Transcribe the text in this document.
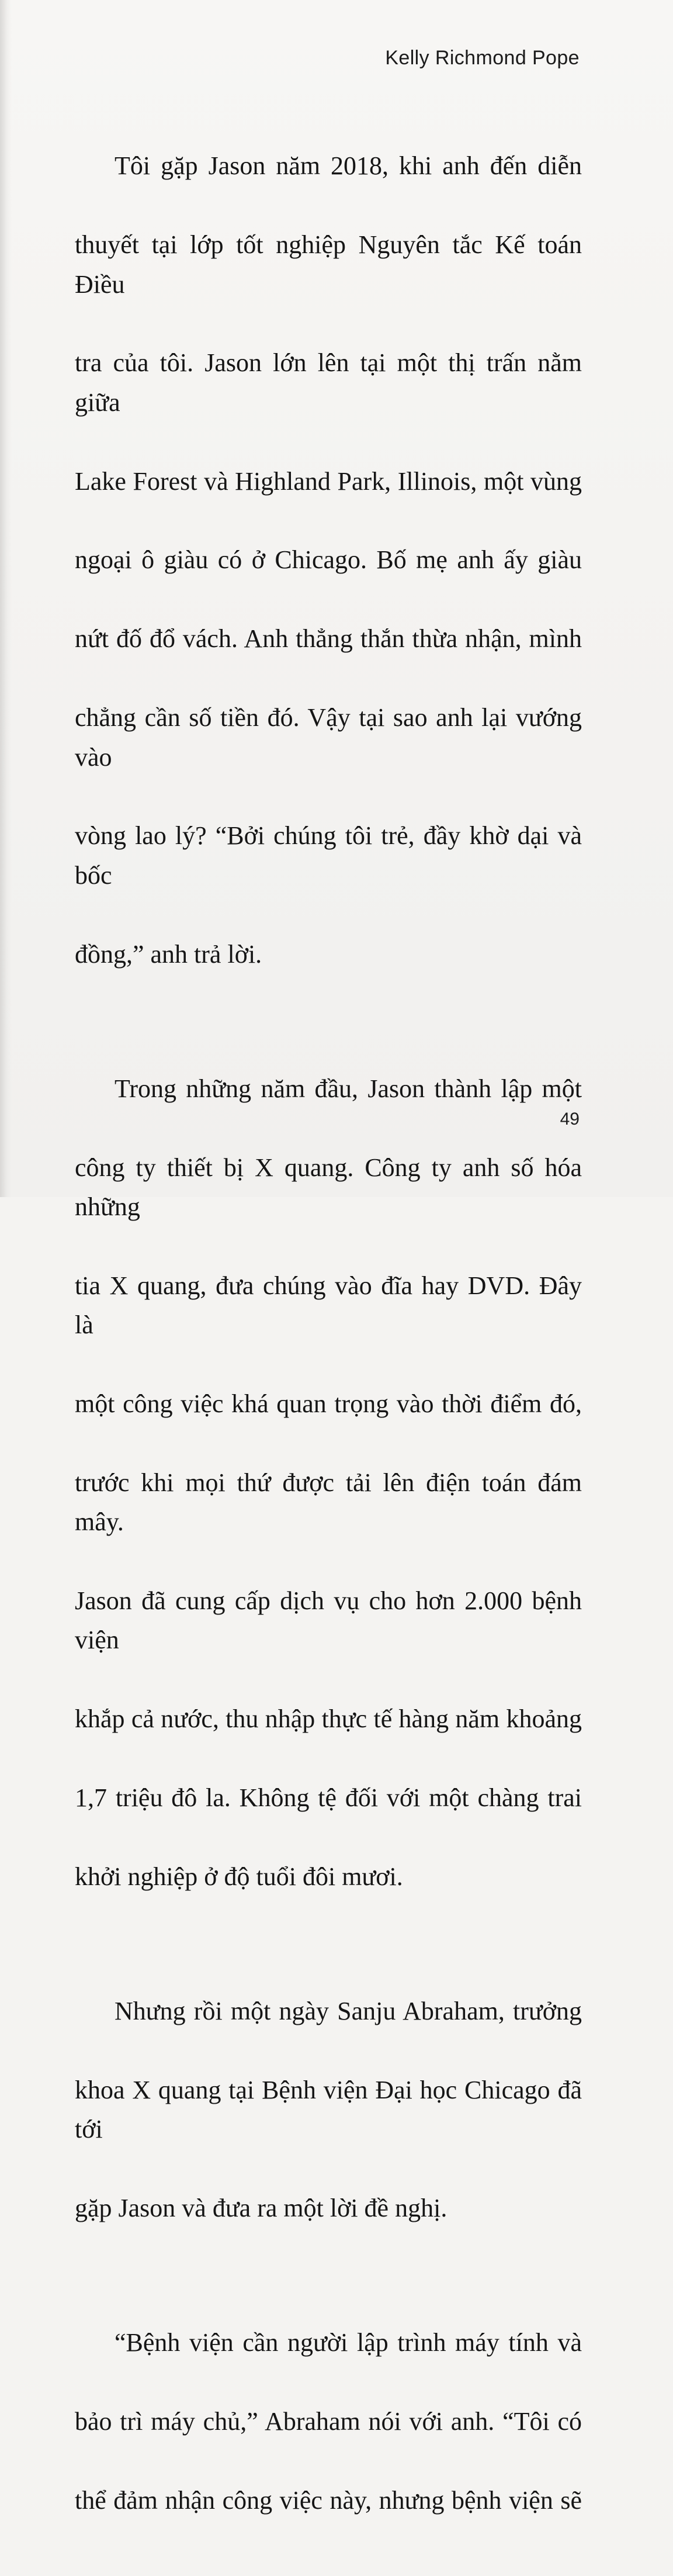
Kelly Richmond Pope

Tôi gặp Jason năm 2018, khi anh đến diễn

thuyết tại lớp tốt nghiệp Nguyên tắc Kế toán Điều

tra của tôi. Jason lớn lên tại một thị trấn nằm giữa

Lake Forest và Highland Park, Illinois, một vùng

ngoại ô giàu có ở Chicago. Bố mẹ anh ấy giàu

nứt đố đổ vách. Anh thẳng thắn thừa nhận, mình

chẳng cần số tiền đó. Vậy tại sao anh lại vướng vào

vòng lao lý? “Bởi chúng tôi trẻ, đầy khờ dại và bốc

đồng,” anh trả lời.

Trong những năm đầu, Jason thành lập một

công ty thiết bị X quang. Công ty anh số hóa những

tia X quang, đưa chúng vào đĩa hay DVD. Đây là

một công việc khá quan trọng vào thời điểm đó,

trước khi mọi thứ được tải lên điện toán đám mây.

Jason đã cung cấp dịch vụ cho hơn 2.000 bệnh viện

khắp cả nước, thu nhập thực tế hàng năm khoảng

1,7 triệu đô la. Không tệ đối với một chàng trai

khởi nghiệp ở độ tuổi đôi mươi.

Nhưng rồi một ngày Sanju Abraham, trưởng

khoa X quang tại Bệnh viện Đại học Chicago đã tới

gặp Jason và đưa ra một lời đề nghị.

“Bệnh viện cần người lập trình máy tính và

bảo trì máy chủ,” Abraham nói với anh. “Tôi có

thể đảm nhận công việc này, nhưng bệnh viện sẽ

49
